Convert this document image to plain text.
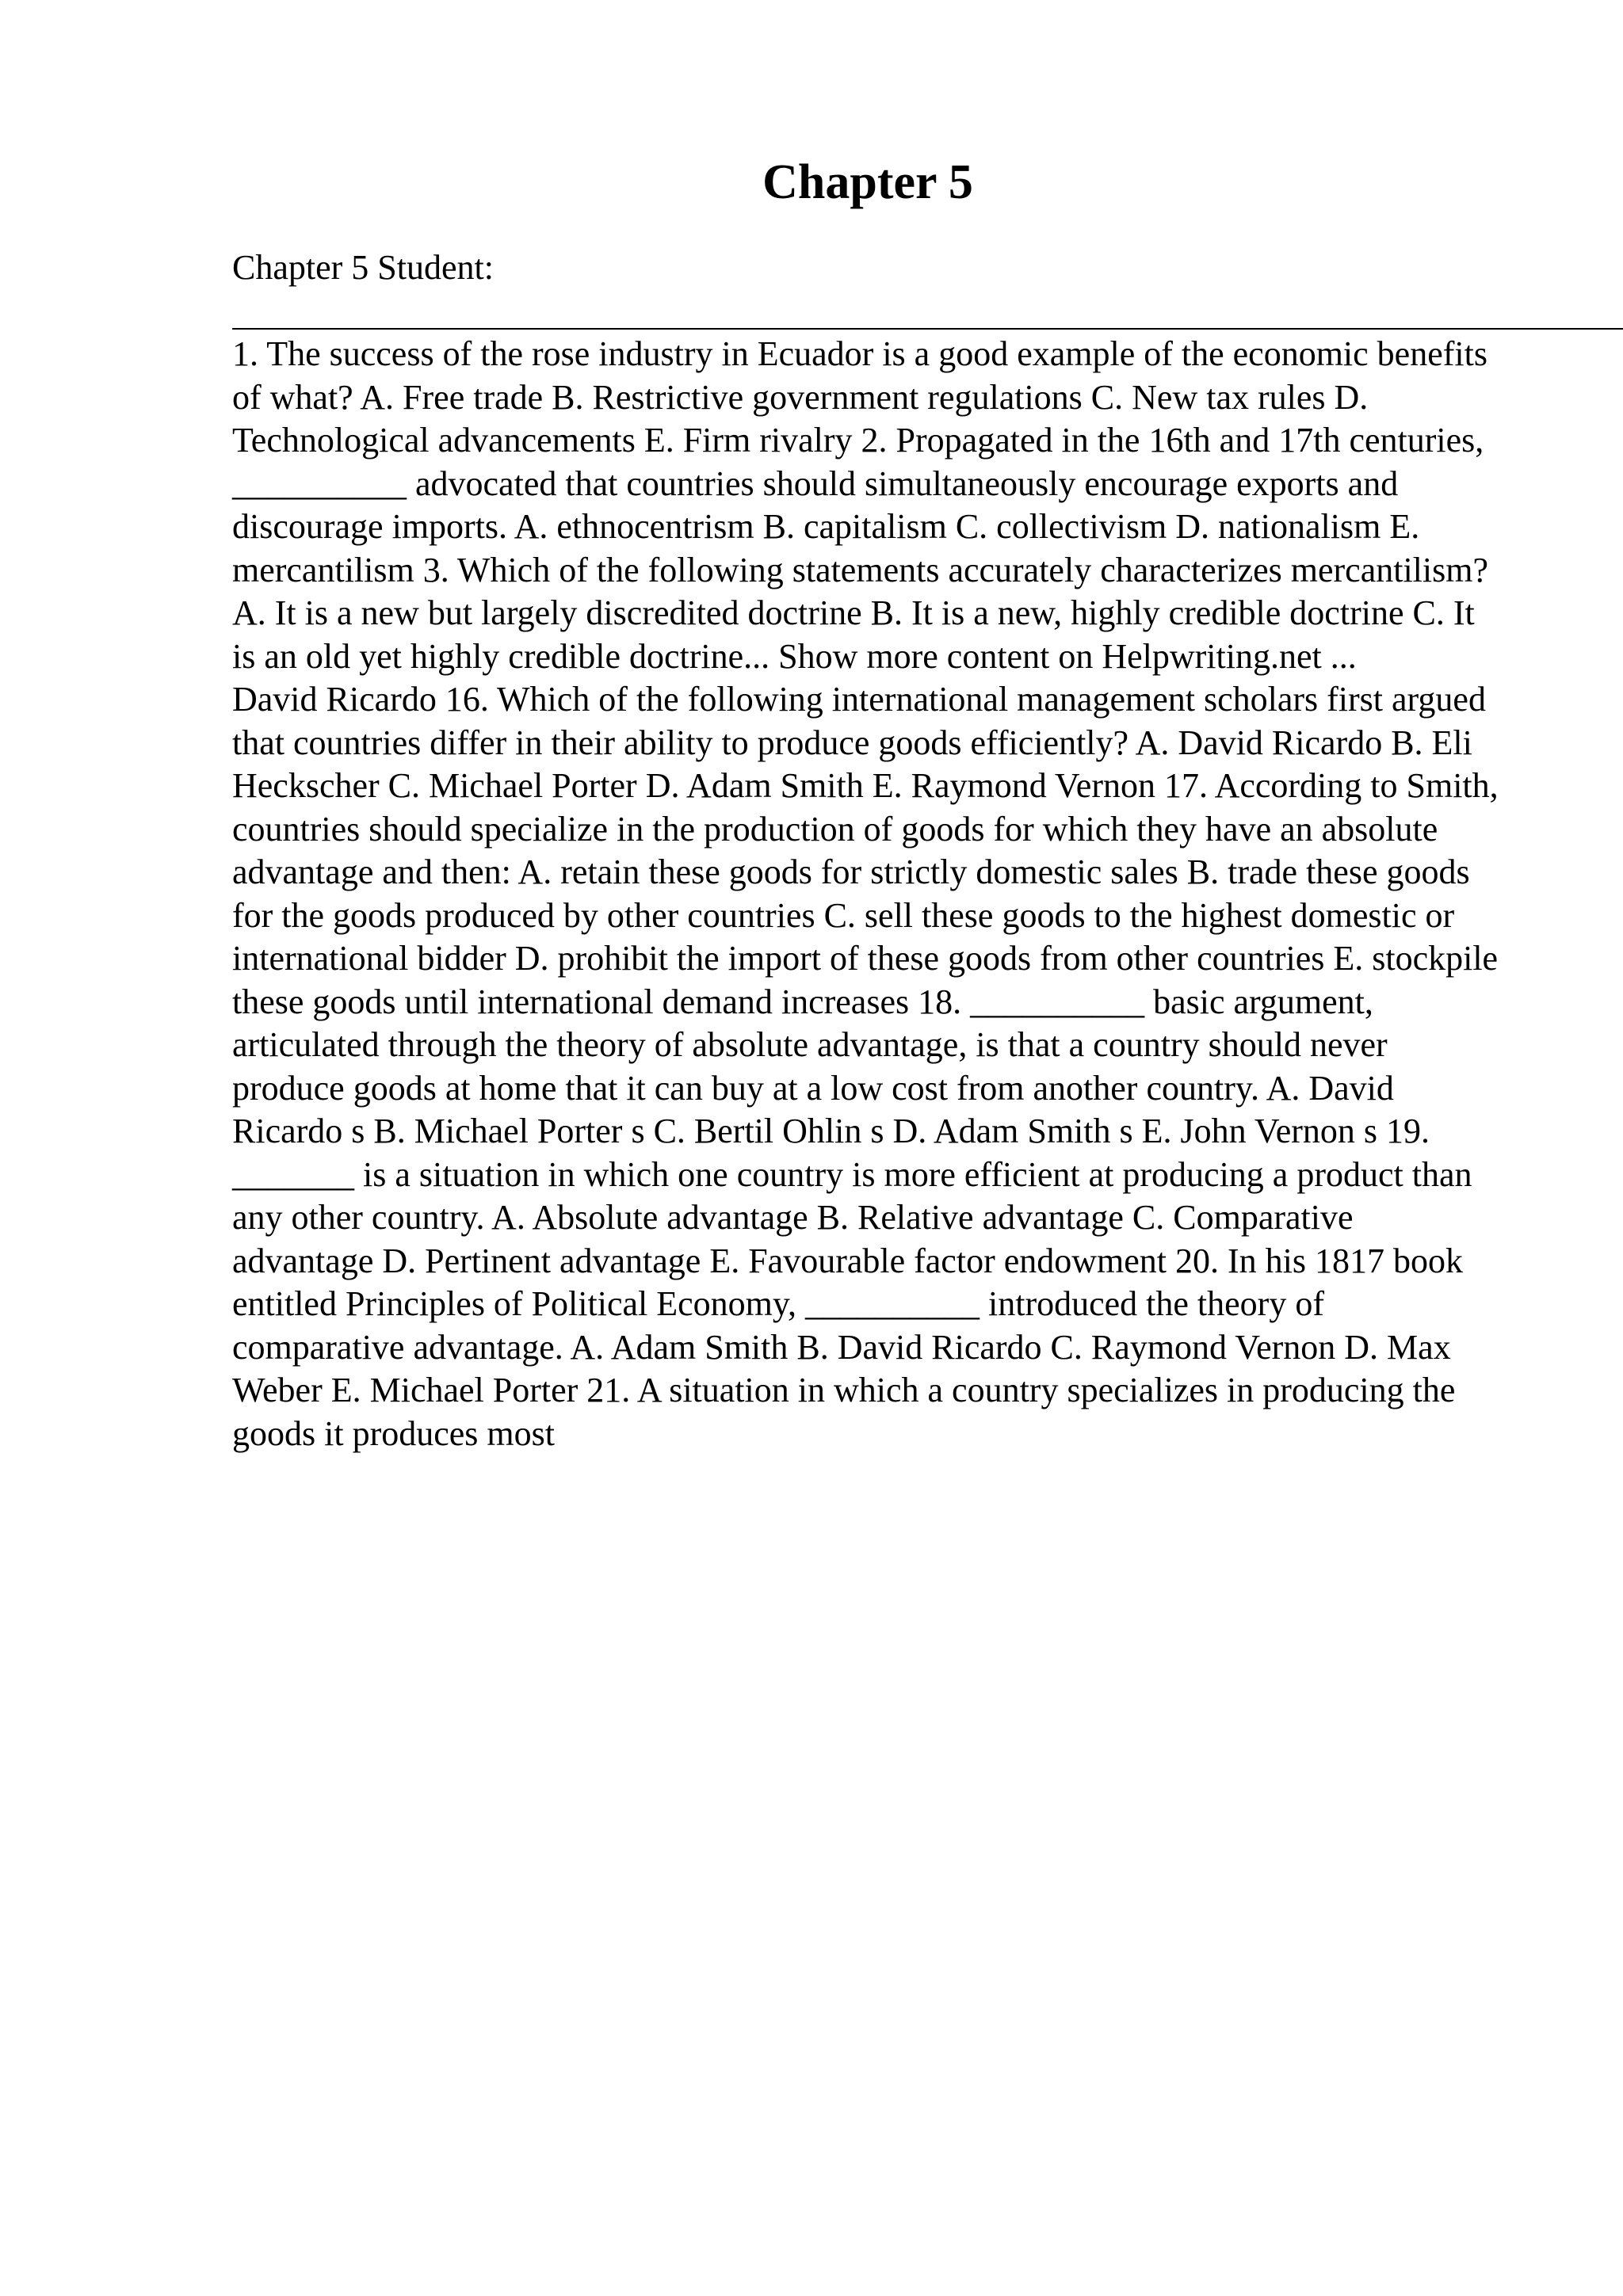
Chapter 5
Chapter 5 Student:

1. The success of the rose industry in Ecuador is a good example of the economic benefits of what? A. Free trade B. Restrictive government regulations C. New tax rules D. Technological advancements E. Firm rivalry 2. Propagated in the 16th and 17th centuries, __________ advocated that countries should simultaneously encourage exports and discourage imports. A. ethnocentrism B. capitalism C. collectivism D. nationalism E. mercantilism 3. Which of the following statements accurately characterizes mercantilism? A. It is a new but largely discredited doctrine B. It is a new, highly credible doctrine C. It is an old yet highly credible doctrine... Show more content on Helpwriting.net ...

David Ricardo 16. Which of the following international management scholars first argued that countries differ in their ability to produce goods efficiently? A. David Ricardo B. Eli Heckscher C. Michael Porter D. Adam Smith E. Raymond Vernon 17. According to Smith, countries should specialize in the production of goods for which they have an absolute advantage and then: A. retain these goods for strictly domestic sales B. trade these goods for the goods produced by other countries C. sell these goods to the highest domestic or international bidder D. prohibit the import of these goods from other countries E. stockpile these goods until international demand increases 18. __________ basic argument, articulated through the theory of absolute advantage, is that a country should never produce goods at home that it can buy at a low cost from another country. A. David Ricardo s B. Michael Porter s C. Bertil Ohlin s D. Adam Smith s E. John Vernon s 19. _______ is a situation in which one country is more efficient at producing a product than any other country. A. Absolute advantage B. Relative advantage C. Comparative advantage D. Pertinent advantage E. Favourable factor endowment 20. In his 1817 book entitled Principles of Political Economy, __________ introduced the theory of comparative advantage. A. Adam Smith B. David Ricardo C. Raymond Vernon D. Max Weber E. Michael Porter 21. A situation in which a country specializes in producing the goods it produces most
